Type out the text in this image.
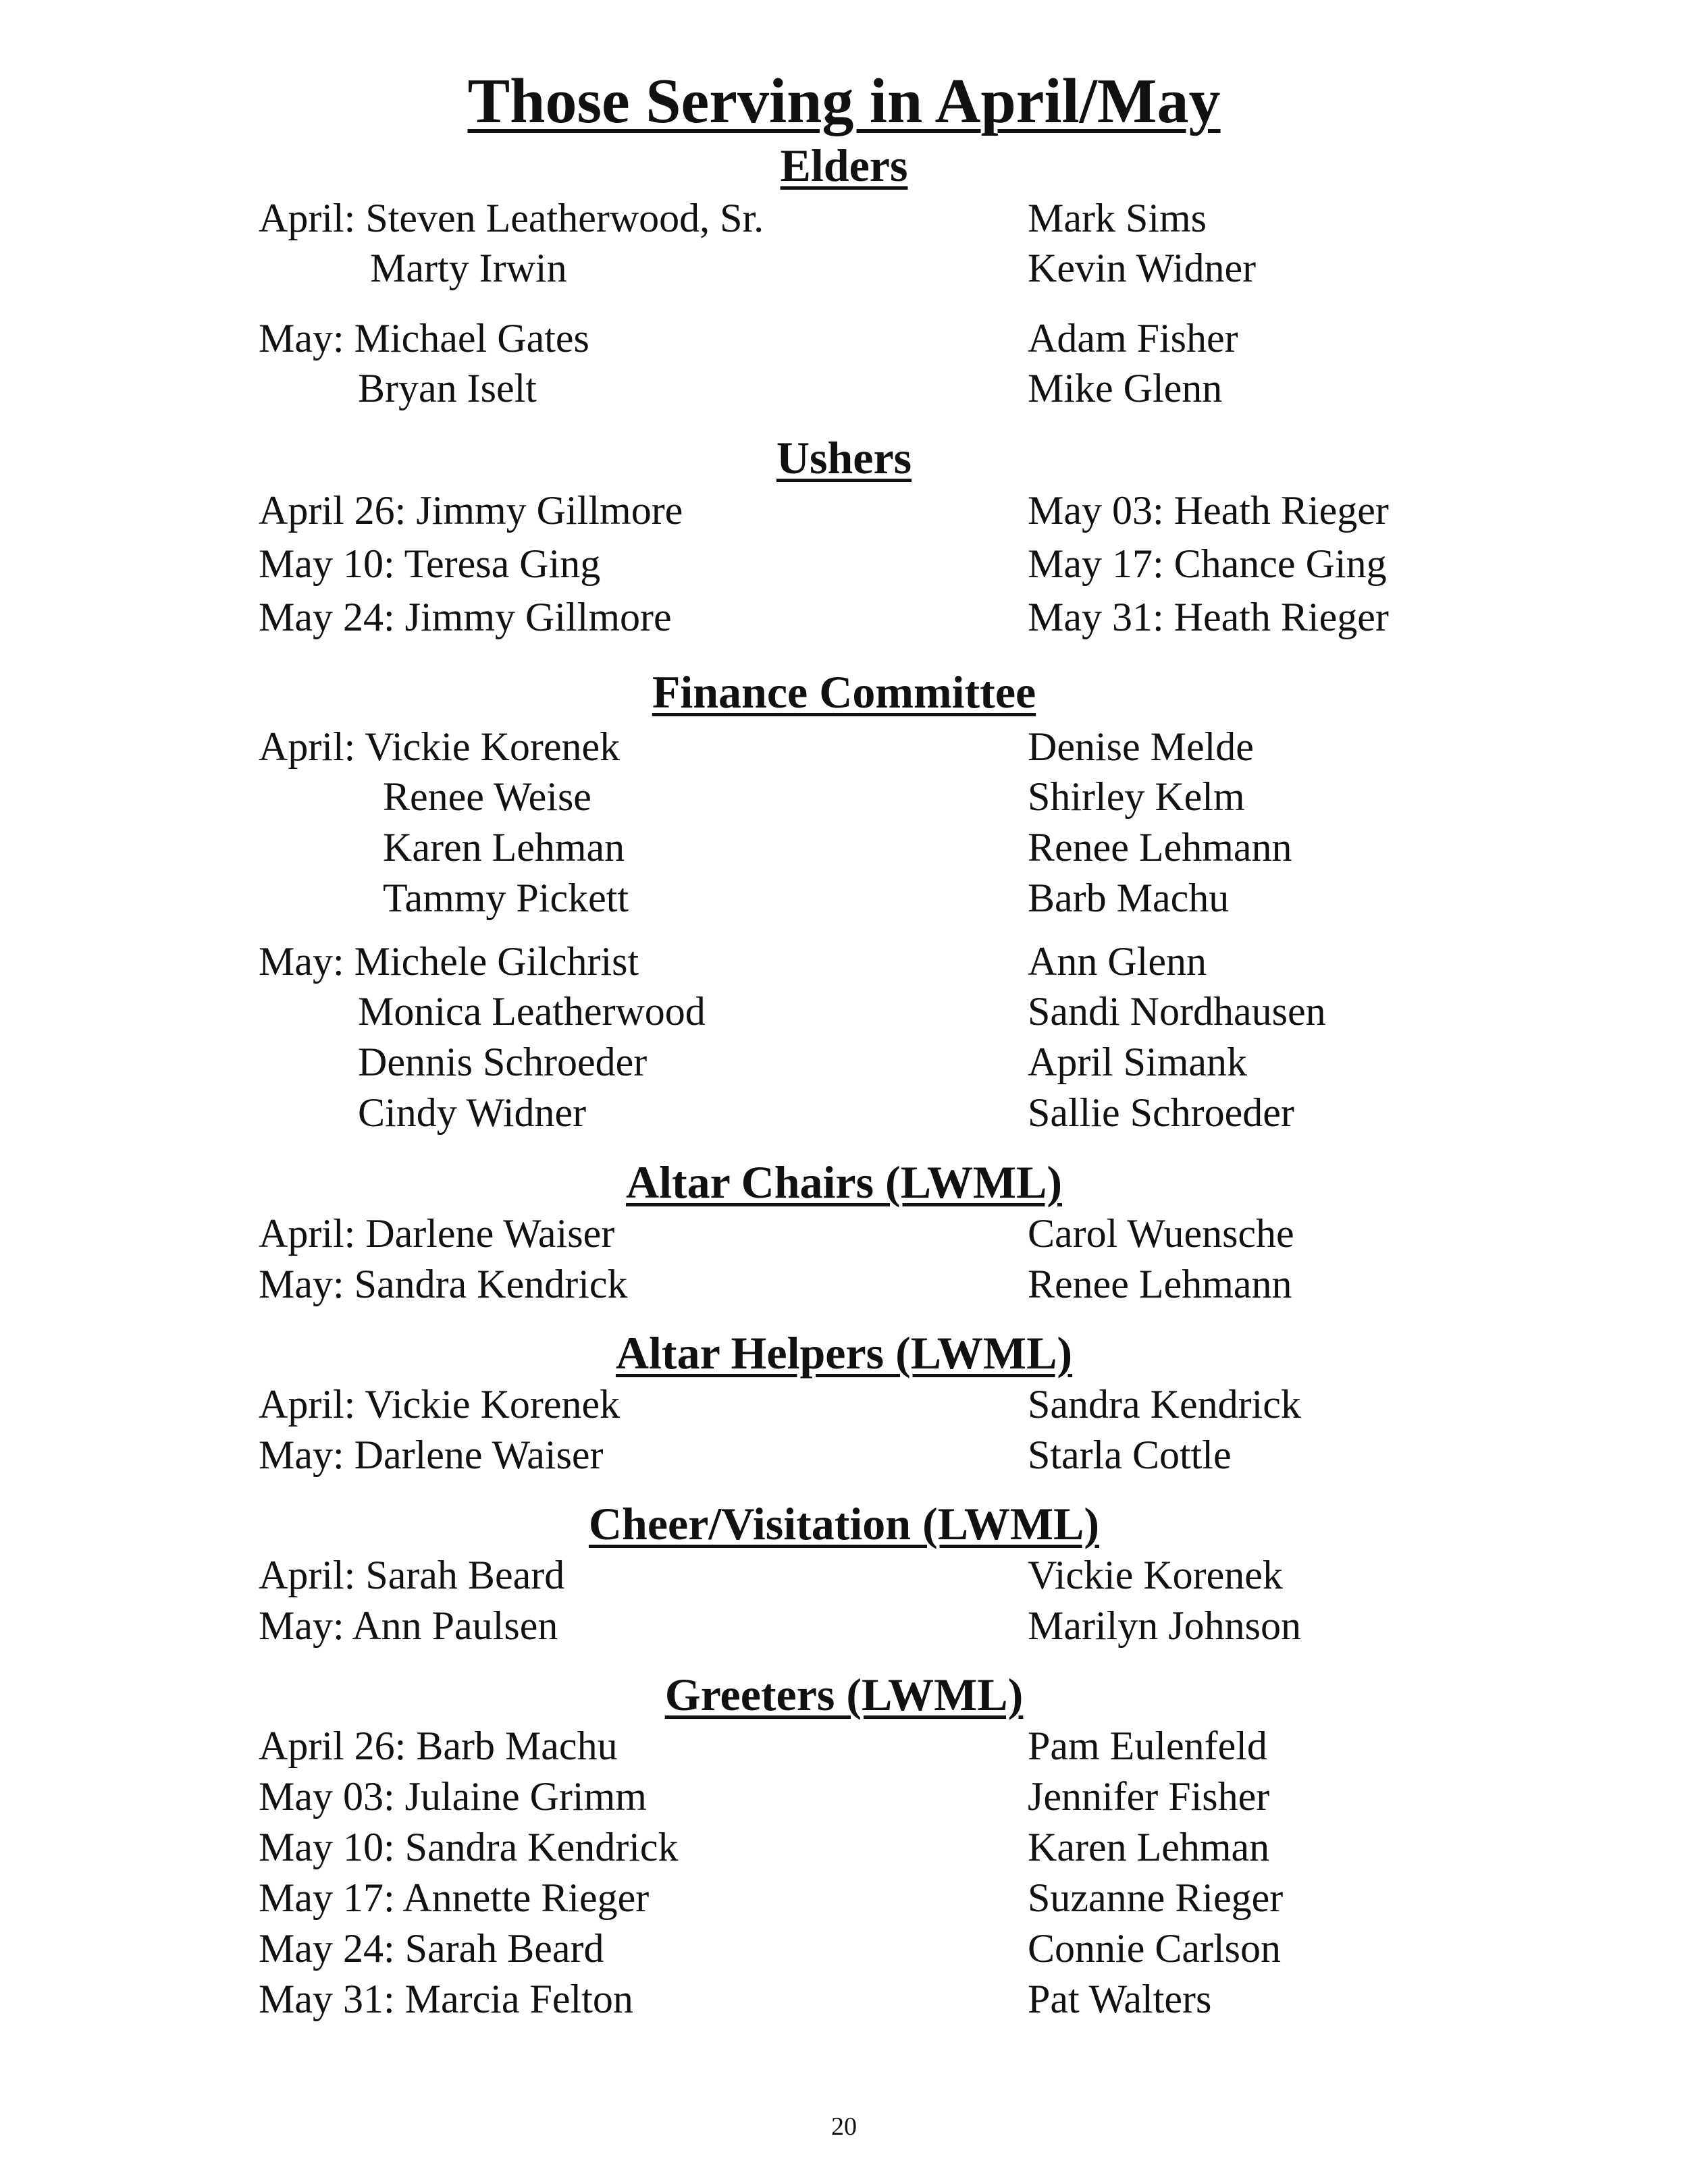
Those Serving in April/May
Elders
April: Steven Leatherwood, Sr.	Mark Sims
Marty Irwin	Kevin Widner
May: Michael Gates	Adam Fisher
Bryan Iselt	Mike Glenn
Ushers
April 26: Jimmy Gillmore	May 03: Heath Rieger
May 10: Teresa Ging	May 17: Chance Ging
May 24: Jimmy Gillmore	May 31: Heath Rieger
Finance Committee
April: Vickie Korenek	Denise Melde
Renee Weise	Shirley Kelm
Karen Lehman	Renee Lehmann
Tammy Pickett	Barb Machu
May: Michele Gilchrist	Ann Glenn
Monica Leatherwood	Sandi Nordhausen
Dennis Schroeder	April Simank
Cindy Widner	Sallie Schroeder
Altar Chairs (LWML)
April: Darlene Waiser	Carol Wuensche
May: Sandra Kendrick	Renee Lehmann
Altar Helpers (LWML)
April: Vickie Korenek	Sandra Kendrick
May: Darlene Waiser	Starla Cottle
Cheer/Visitation (LWML)
April: Sarah Beard	Vickie Korenek
May: Ann Paulsen	Marilyn Johnson
Greeters (LWML)
April 26: Barb Machu	Pam Eulenfeld
May 03: Julaine Grimm	Jennifer Fisher
May 10: Sandra Kendrick	Karen Lehman
May 17: Annette Rieger	Suzanne Rieger
May 24: Sarah Beard	Connie Carlson
May 31: Marcia Felton	Pat Walters
20
